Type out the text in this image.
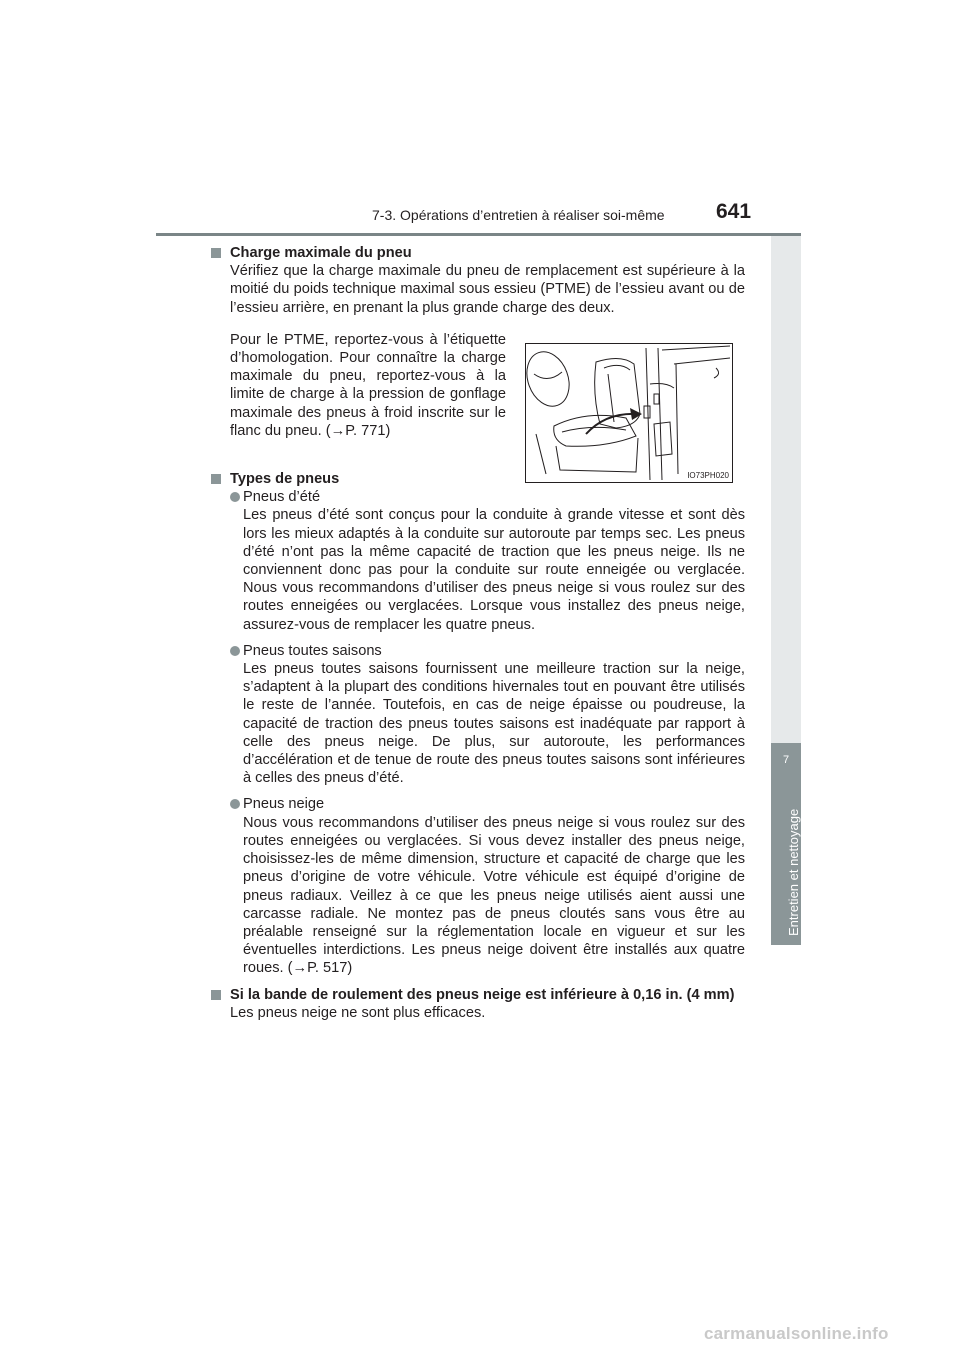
7-3. Opérations d’entretien à réaliser soi-même 641
7
Entretien et nettoyage
Charge maximale du pneu

Vérifiez que la charge maximale du pneu de remplacement est supérieure à la moitié du poids technique maximal sous essieu (PTME) de l’essieu avant ou de l’essieu arrière, en prenant la plus grande charge des deux.

Pour le PTME, reportez-vous à l’étiquette d’homologation. Pour connaître la charge maximale du pneu, reportez-vous à la limite de charge à la pression de gonflage maximale des pneus à froid inscrite sur le flanc du pneu. (→P. 771)

Types de pneus
Pneus d’été

Les pneus d’été sont conçus pour la conduite à grande vitesse et sont dès lors les mieux adaptés à la conduite sur autoroute par temps sec. Les pneus d’été n’ont pas la même capacité de traction que les pneus neige. Ils ne conviennent donc pas pour la conduite sur route enneigée ou verglacée. Nous vous recommandons d’utiliser des pneus neige si vous roulez sur des routes enneigées ou verglacées. Lorsque vous installez des pneus neige, assurez-vous de remplacer les quatre pneus.

Pneus toutes saisons

Les pneus toutes saisons fournissent une meilleure traction sur la neige, s’adaptent à la plupart des conditions hivernales tout en pouvant être utilisés le reste de l’année. Toutefois, en cas de neige épaisse ou poudreuse, la capacité de traction des pneus toutes saisons est inadéquate par rapport à celle des pneus neige. De plus, sur autoroute, les performances d’accélération et de tenue de route des pneus toutes saisons sont inférieures à celles des pneus d’été.

Pneus neige

Nous vous recommandons d’utiliser des pneus neige si vous roulez sur des routes enneigées ou verglacées. Si vous devez installer des pneus neige, choisissez-les de même dimension, structure et capacité de charge que les pneus d’origine de votre véhicule. Votre véhicule est équipé d’origine de pneus radiaux. Veillez à ce que les pneus neige utilisés aient aussi une carcasse radiale. Ne montez pas de pneus cloutés sans vous être au préalable renseigné sur la réglementation locale en vigueur et sur les éventuelles interdictions. Les pneus neige doivent être installés aux quatre roues. (→P. 517)

Si la bande de roulement des pneus neige est inférieure à 0,16 in. (4 mm)

Les pneus neige ne sont plus efficaces.

IO73PH020
carmanualsonline.info
